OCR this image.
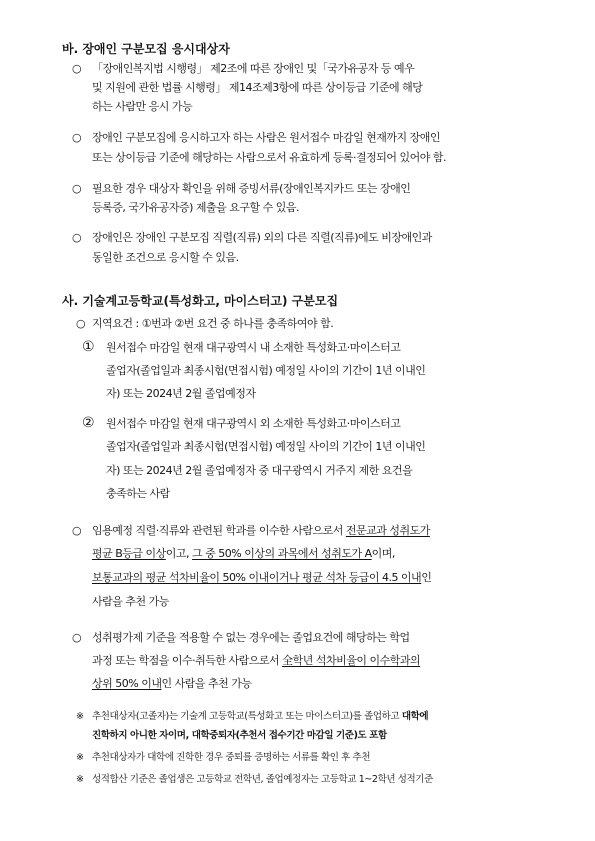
바. 장애인 구분모집 응시대상자
○ 「장애인복지법 시행령」 제2조에 따른 장애인 및「국가유공자 등 예우
및 지원에 관한 법률 시행령」 제14조제3항에 따른 상이등급 기준에 해당
하는 사람만 응시 가능
○ 장애인 구분모집에 응시하고자 하는 사람은 원서접수 마감일 현재까지 장애인
또는 상이등급 기준에 해당하는 사람으로서 유효하게 등록·결정되어 있어야 함.
○ 필요한 경우 대상자 확인을 위해 증빙서류(장애인복지카드 또는 장애인
등록증, 국가유공자증) 제출을 요구할 수 있음.
○ 장애인은 장애인 구분모집 직렬(직류) 외의 다른 직렬(직류)에도 비장애인과
동일한 조건으로 응시할 수 있음.
사. 기술계고등학교(특성화고, 마이스터고) 구분모집
○ 지역요건 : ①번과 ②번 요건 중 하나를 충족하여야 함.
① 원서접수 마감일 현재 대구광역시 내 소재한 특성화고·마이스터고
졸업자(졸업일과 최종시험(면접시험) 예정일 사이의 기간이 1년 이내인
자) 또는 2024년 2월 졸업예정자
② 원서접수 마감일 현재 대구광역시 외 소재한 특성화고·마이스터고
졸업자(졸업일과 최종시험(면접시험) 예정일 사이의 기간이 1년 이내인
자) 또는 2024년 2월 졸업예정자 중 대구광역시 거주지 제한 요건을
충족하는 사람
○ 임용예정 직렬·직류와 관련된 학과를 이수한 사람으로서 전문교과 성취도가
평균 B등급 이상이고, 그 중 50% 이상의 과목에서 성취도가 A이며,
보통교과의 평균 석차비율이 50% 이내이거나 평균 석차 등급이 4.5 이내인
사람을 추천 가능
○ 성취평가제 기준을 적용할 수 없는 경우에는 졸업요건에 해당하는 학업
과정 또는 학점을 이수·취득한 사람으로서 全학년 석차비율이 이수학과의
상위 50% 이내인 사람을 추천 가능
※ 추천대상자(고졸자)는 기술계 고등학교(특성화고 또는 마이스터고)를 졸업하고 대학에
진학하지 아니한 자이며, 대학중퇴자(추천서 접수기간 마감일 기준)도 포함
※ 추천대상자가 대학에 진학한 경우 중퇴를 증명하는 서류를 확인 후 추천
※ 성적합산 기준은 졸업생은 고등학교 전학년, 졸업예정자는 고등학교 1~2학년 성적기준
